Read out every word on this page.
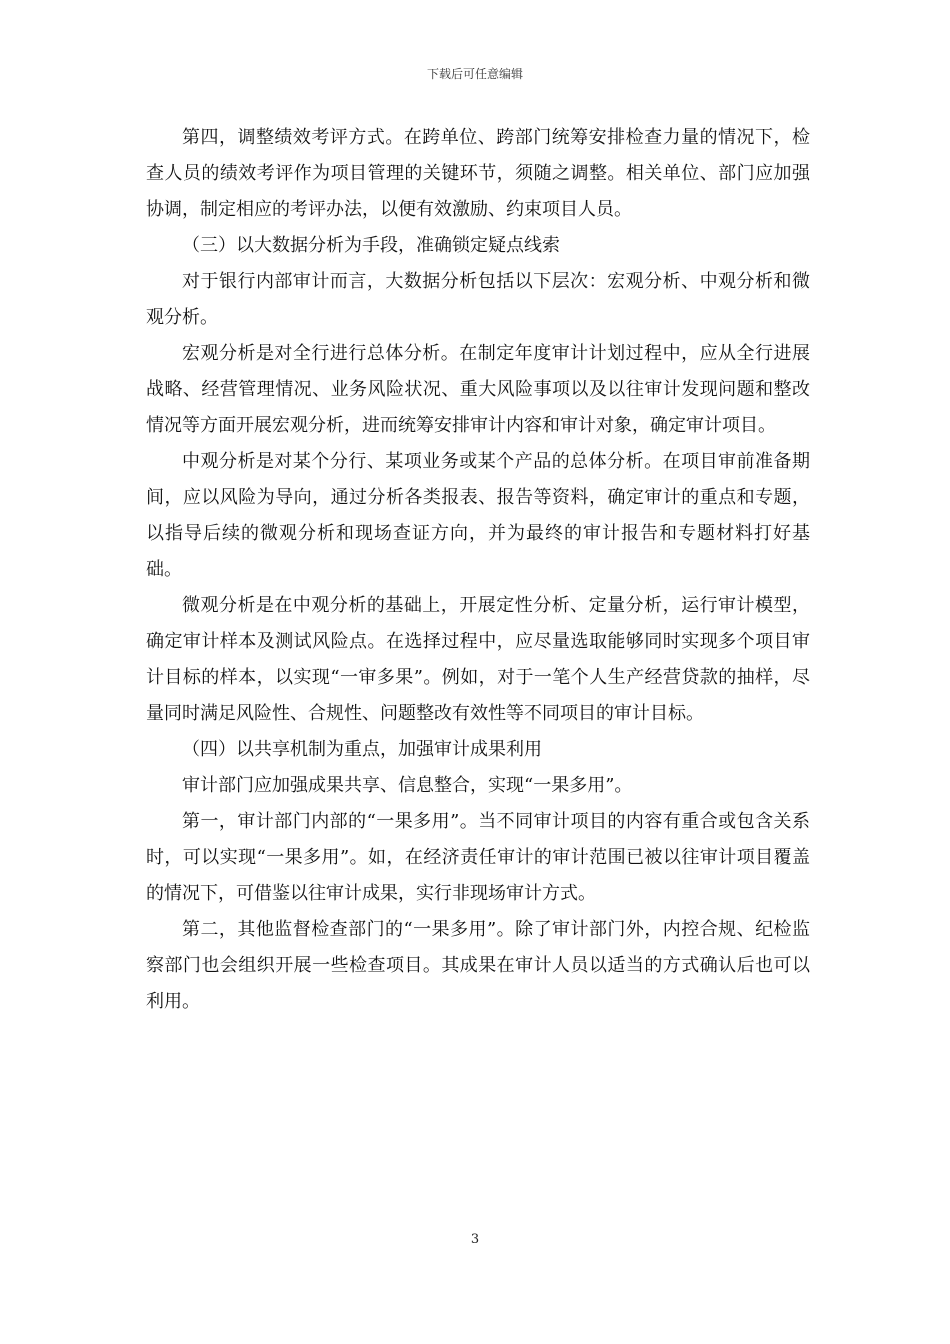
下载后可任意编辑

第四，调整绩效考评方式。在跨单位、跨部门统筹安排检查力量的情况下，检查人员的绩效考评作为项目管理的关键环节，须随之调整。相关单位、部门应加强协调，制定相应的考评办法，以便有效激励、约束项目人员。

（三）以大数据分析为手段，准确锁定疑点线索

对于银行内部审计而言，大数据分析包括以下层次：宏观分析、中观分析和微观分析。

宏观分析是对全行进行总体分析。在制定年度审计计划过程中，应从全行进展战略、经营管理情况、业务风险状况、重大风险事项以及以往审计发现问题和整改情况等方面开展宏观分析，进而统筹安排审计内容和审计对象，确定审计项目。

中观分析是对某个分行、某项业务或某个产品的总体分析。在项目审前准备期间，应以风险为导向，通过分析各类报表、报告等资料，确定审计的重点和专题，以指导后续的微观分析和现场查证方向，并为最终的审计报告和专题材料打好基础。

微观分析是在中观分析的基础上，开展定性分析、定量分析，运行审计模型，确定审计样本及测试风险点。在选择过程中，应尽量选取能够同时实现多个项目审计目标的样本，以实现“一审多果”。例如，对于一笔个人生产经营贷款的抽样，尽量同时满足风险性、合规性、问题整改有效性等不同项目的审计目标。

（四）以共享机制为重点，加强审计成果利用

审计部门应加强成果共享、信息整合，实现“一果多用”。

第一，审计部门内部的“一果多用”。当不同审计项目的内容有重合或包含关系时，可以实现“一果多用”。如，在经济责任审计的审计范围已被以往审计项目覆盖的情况下，可借鉴以往审计成果，实行非现场审计方式。

第二，其他监督检查部门的“一果多用”。除了审计部门外，内控合规、纪检监察部门也会组织开展一些检查项目。其成果在审计人员以适当的方式确认后也可以利用。

3
